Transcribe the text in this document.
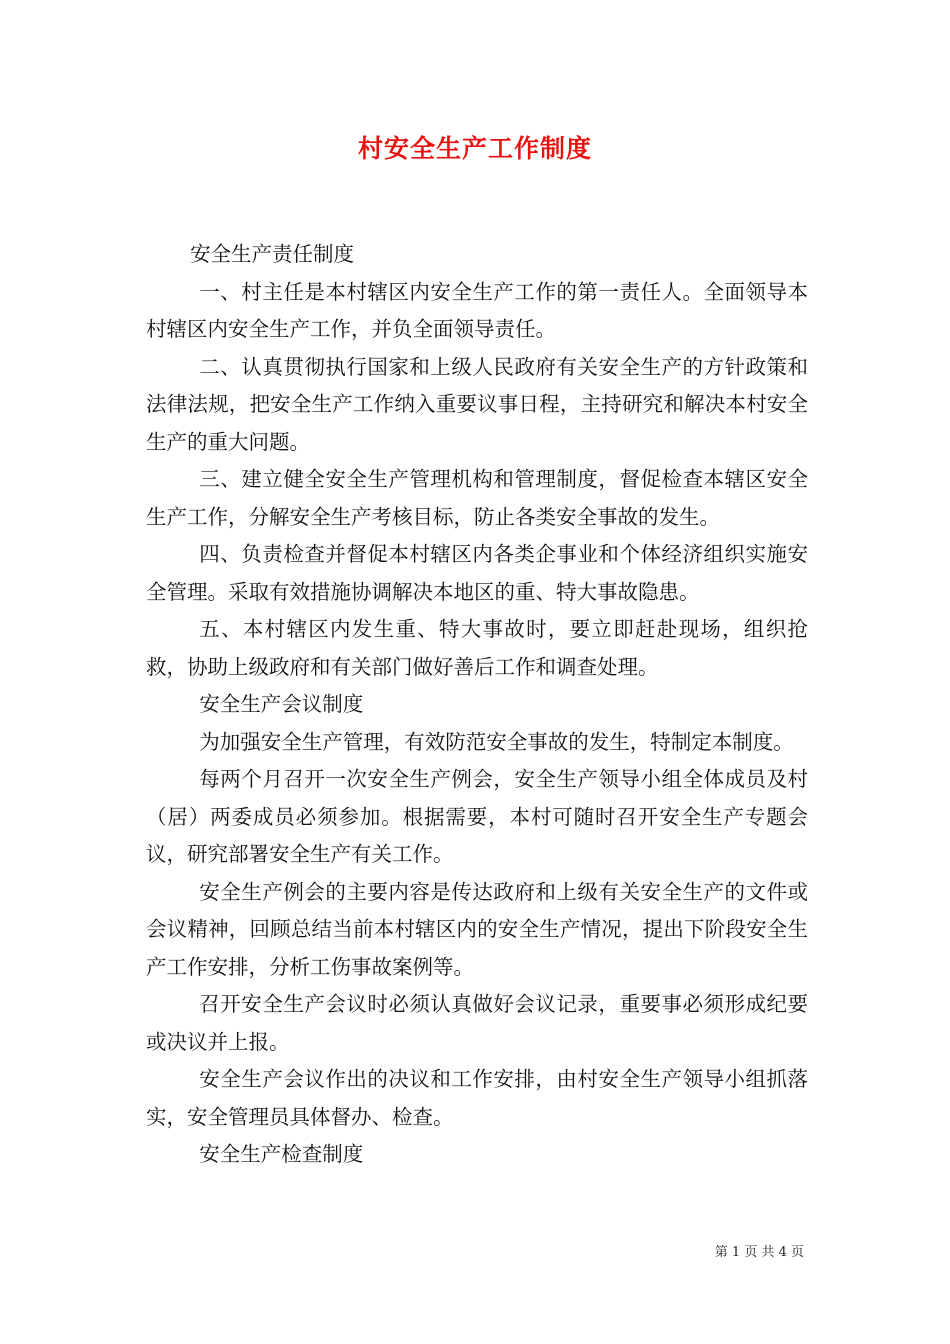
村安全生产工作制度

安全生产责任制度

一、村主任是本村辖区内安全生产工作的第一责任人。全面领导本村辖区内安全生产工作，并负全面领导责任。

二、认真贯彻执行国家和上级人民政府有关安全生产的方针政策和法律法规，把安全生产工作纳入重要议事日程，主持研究和解决本村安全生产的重大问题。

三、建立健全安全生产管理机构和管理制度，督促检查本辖区安全生产工作，分解安全生产考核目标，防止各类安全事故的发生。

四、负责检查并督促本村辖区内各类企事业和个体经济组织实施安全管理。采取有效措施协调解决本地区的重、特大事故隐患。

五、本村辖区内发生重、特大事故时，要立即赶赴现场，组织抢救，协助上级政府和有关部门做好善后工作和调查处理。

安全生产会议制度

为加强安全生产管理，有效防范安全事故的发生，特制定本制度。

每两个月召开一次安全生产例会，安全生产领导小组全体成员及村（居）两委成员必须参加。根据需要，本村可随时召开安全生产专题会议，研究部署安全生产有关工作。

安全生产例会的主要内容是传达政府和上级有关安全生产的文件或会议精神，回顾总结当前本村辖区内的安全生产情况，提出下阶段安全生产工作安排，分析工伤事故案例等。

召开安全生产会议时必须认真做好会议记录，重要事必须形成纪要或决议并上报。

安全生产会议作出的决议和工作安排，由村安全生产领导小组抓落实，安全管理员具体督办、检查。

安全生产检查制度

第 1 页 共 4 页
